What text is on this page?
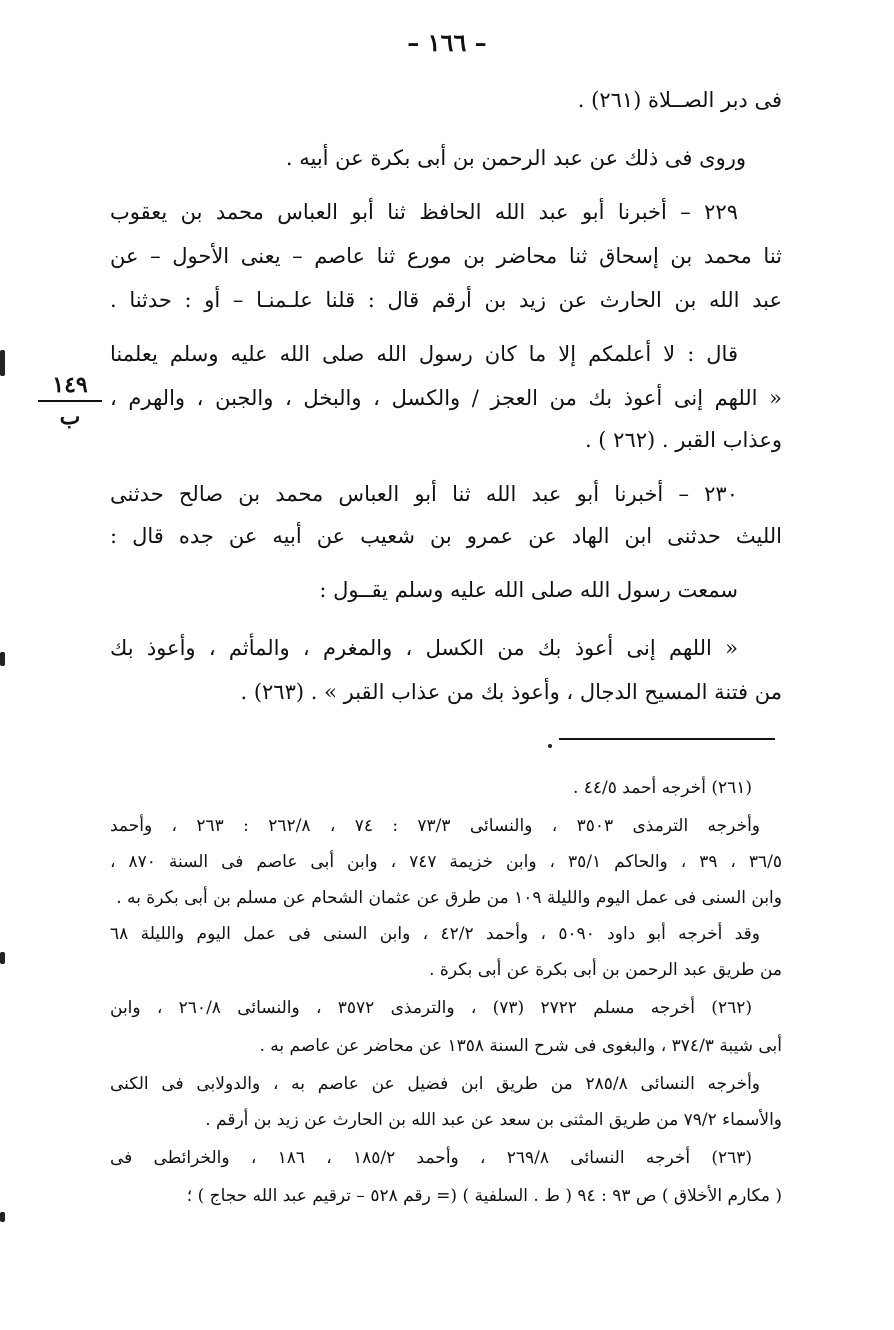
– ١٦٦ –
فى دبر الصــلاة (٢٦١) .
وروى فى ذلك عن عبد الرحمن بن أبى بكرة عن أبيه .
٢٢٩ – أخبرنا أبو عبد الله الحافظ ثنا أبو العباس محمد بن يعقوب
ثنا محمد بن إسحاق ثنا محاضر بن مورع ثنا عاصم – يعنى الأحول – عن
عبد الله بن الحارث عن زيد بن أرقم قال : قلنا علـمنـا – أو : حدثنا .
قال : لا أعلمكم إلا ما كان رسول الله صلى الله عليه وسلم يعلمنا
« اللهم إنى أعوذ بك من العجز / والكسل ، والبخل ، والجبن ، والهرم ،
وعذاب القبر . (٢٦٢ ) .
٢٣٠ – أخبرنا أبو عبد الله ثنا أبو العباس محمد بن صالح حدثنى
الليث حدثنى ابن الهاد عن عمرو بن شعيب عن أبيه عن جده قال :
سمعت رسول الله صلى الله عليه وسلم يقــول :
« اللهم إنى أعوذ بك من الكسل ، والمغرم ، والمأثم ، وأعوذ بك
من فتنة المسيح الدجال ، وأعوذ بك من عذاب القبر » . (٢٦٣) .
١٤٩
ب
(٢٦١) أخرجه أحمد ٤٤/٥ .
وأخرجه الترمذى ٣٥٠٣ ، والنسائى ٧٣/٣ : ٧٤ ، ٢٦٢/٨ : ٢٦٣ ، وأحمد
٣٦/٥ ، ٣٩ ، والحاكم ٣٥/١ ، وابن خزيمة ٧٤٧ ، وابن أبى عاصم فى السنة ٨٧٠ ،
وابن السنى فى عمل اليوم والليلة ١٠٩ من طرق عن عثمان الشحام عن مسلم بن أبى بكرة به .
وقد أخرجه أبو داود ٥٠٩٠ ، وأحمد ٤٢/٢ ، وابن السنى فى عمل اليوم والليلة ٦٨
من طريق عبد الرحمن بن أبى بكرة عن أبى بكرة .
(٢٦٢) أخرجه مسلم ٢٧٢٢ (٧٣) ، والترمذى ٣٥٧٢ ، والنسائى ٢٦٠/٨ ، وابن
أبى شيبة ٣٧٤/٣ ، والبغوى فى شرح السنة ١٣٥٨ عن محاضر عن عاصم به .
وأخرجه النسائى ٢٨٥/٨ من طريق ابن فضيل عن عاصم به ، والدولابى فى الكنى
والأسماء ٧٩/٢ من طريق المثنى بن سعد عن عبد الله بن الحارث عن زيد بن أرقم .
(٢٦٣) أخرجه النسائى ٢٦٩/٨ ، وأحمد ١٨٥/٢ ، ١٨٦ ، والخرائطى فى
( مكارم الأخلاق ) ص ٩٣ : ٩٤ ( ط . السلفية ) (= رقم ٥٢٨ – ترقيم عبد الله حجاج ) ؛
